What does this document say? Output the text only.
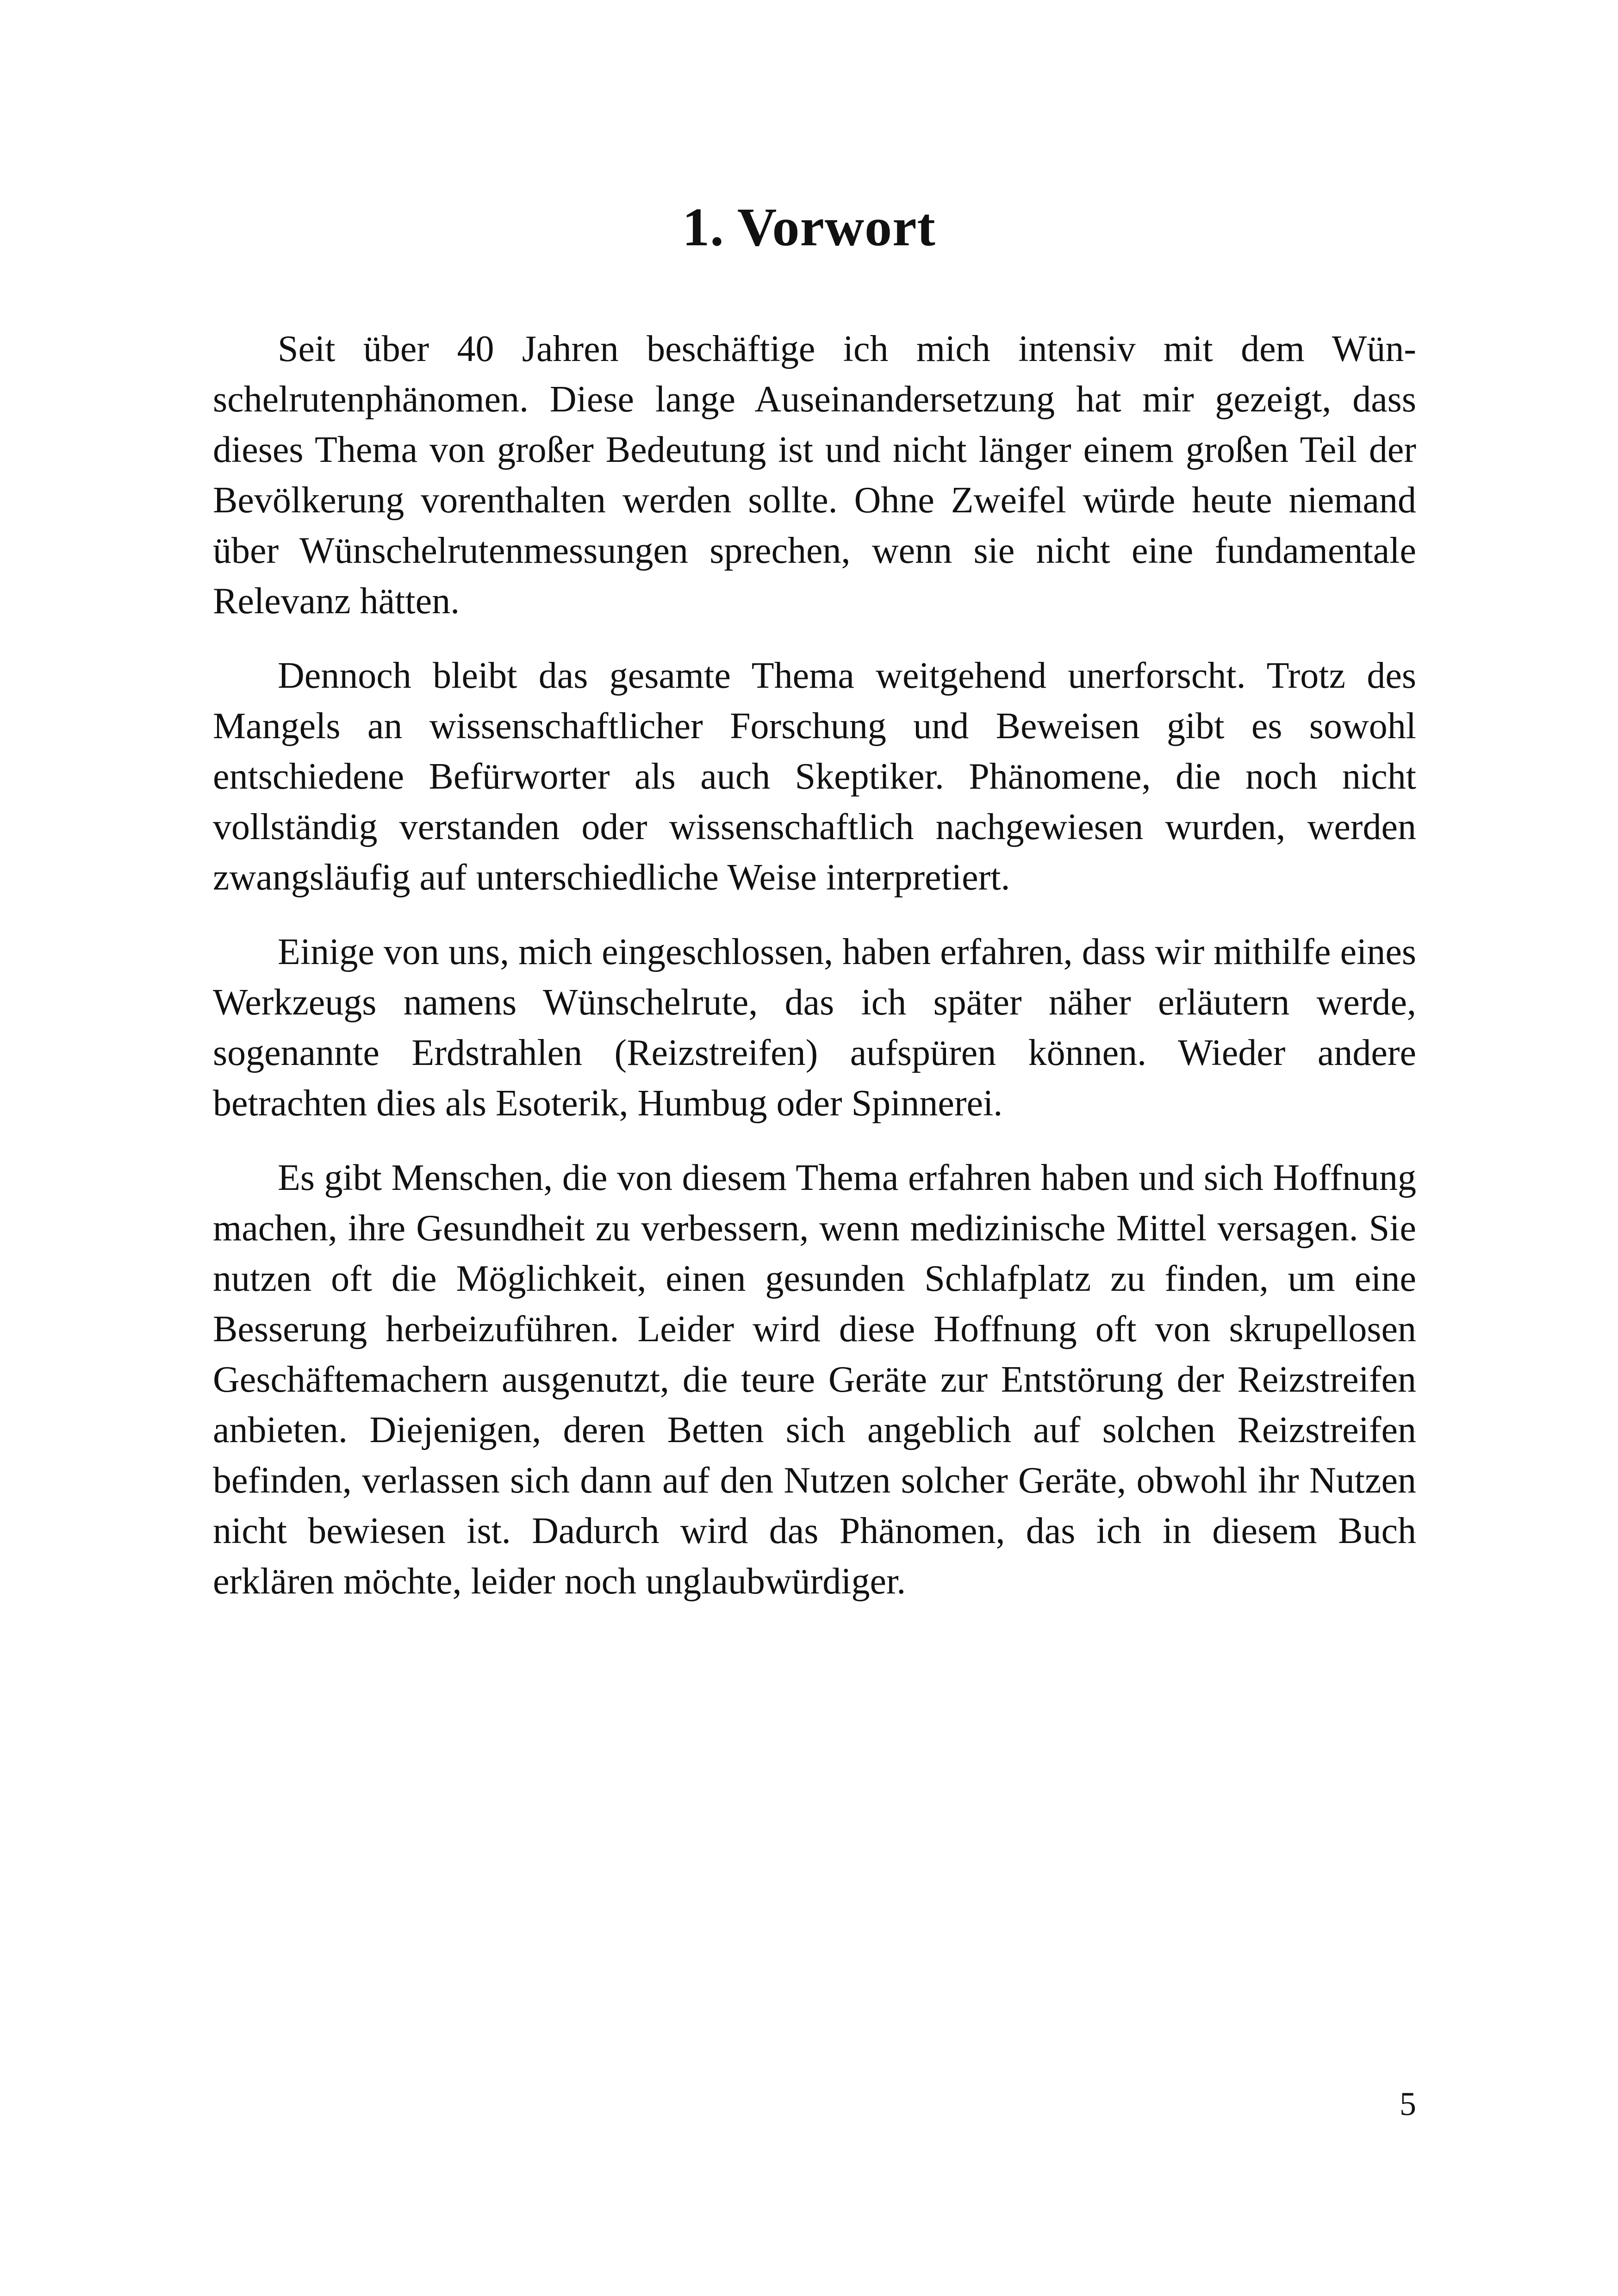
1. Vorwort

Seit über 40 Jahren beschäftige ich mich intensiv mit dem Wünschelrutenphänomen. Diese lange Auseinandersetzung hat mir gezeigt, dass dieses Thema von großer Bedeutung ist und nicht länger einem großen Teil der Bevölkerung vorenthalten werden sollte. Ohne Zweifel würde heute niemand über Wünschelrutenmessungen sprechen, wenn sie nicht eine fundamentale Relevanz hätten.

Dennoch bleibt das gesamte Thema weitgehend unerforscht. Trotz des Mangels an wissenschaftlicher Forschung und Beweisen gibt es sowohl entschiedene Befürworter als auch Skeptiker. Phänomene, die noch nicht vollständig verstanden oder wissenschaftlich nachgewiesen wurden, werden zwangsläufig auf unterschiedliche Weise interpretiert.

Einige von uns, mich eingeschlossen, haben erfahren, dass wir mithilfe eines Werkzeugs namens Wünschelrute, das ich später näher erläutern werde, sogenannte Erdstrahlen (Reizstreifen) aufspüren können. Wieder andere betrachten dies als Esoterik, Humbug oder Spinnerei.

Es gibt Menschen, die von diesem Thema erfahren haben und sich Hoffnung machen, ihre Gesundheit zu verbessern, wenn medizinische Mittel versagen. Sie nutzen oft die Möglichkeit, einen gesunden Schlafplatz zu finden, um eine Besserung herbeizuführen. Leider wird diese Hoffnung oft von skrupellosen Geschäftemachern ausgenutzt, die teure Geräte zur Entstörung der Reizstreifen anbieten. Diejenigen, deren Betten sich angeblich auf solchen Reizstreifen befinden, verlassen sich dann auf den Nutzen solcher Geräte, obwohl ihr Nutzen nicht bewiesen ist. Dadurch wird das Phänomen, das ich in diesem Buch erklären möchte, leider noch unglaubwürdiger.

5
